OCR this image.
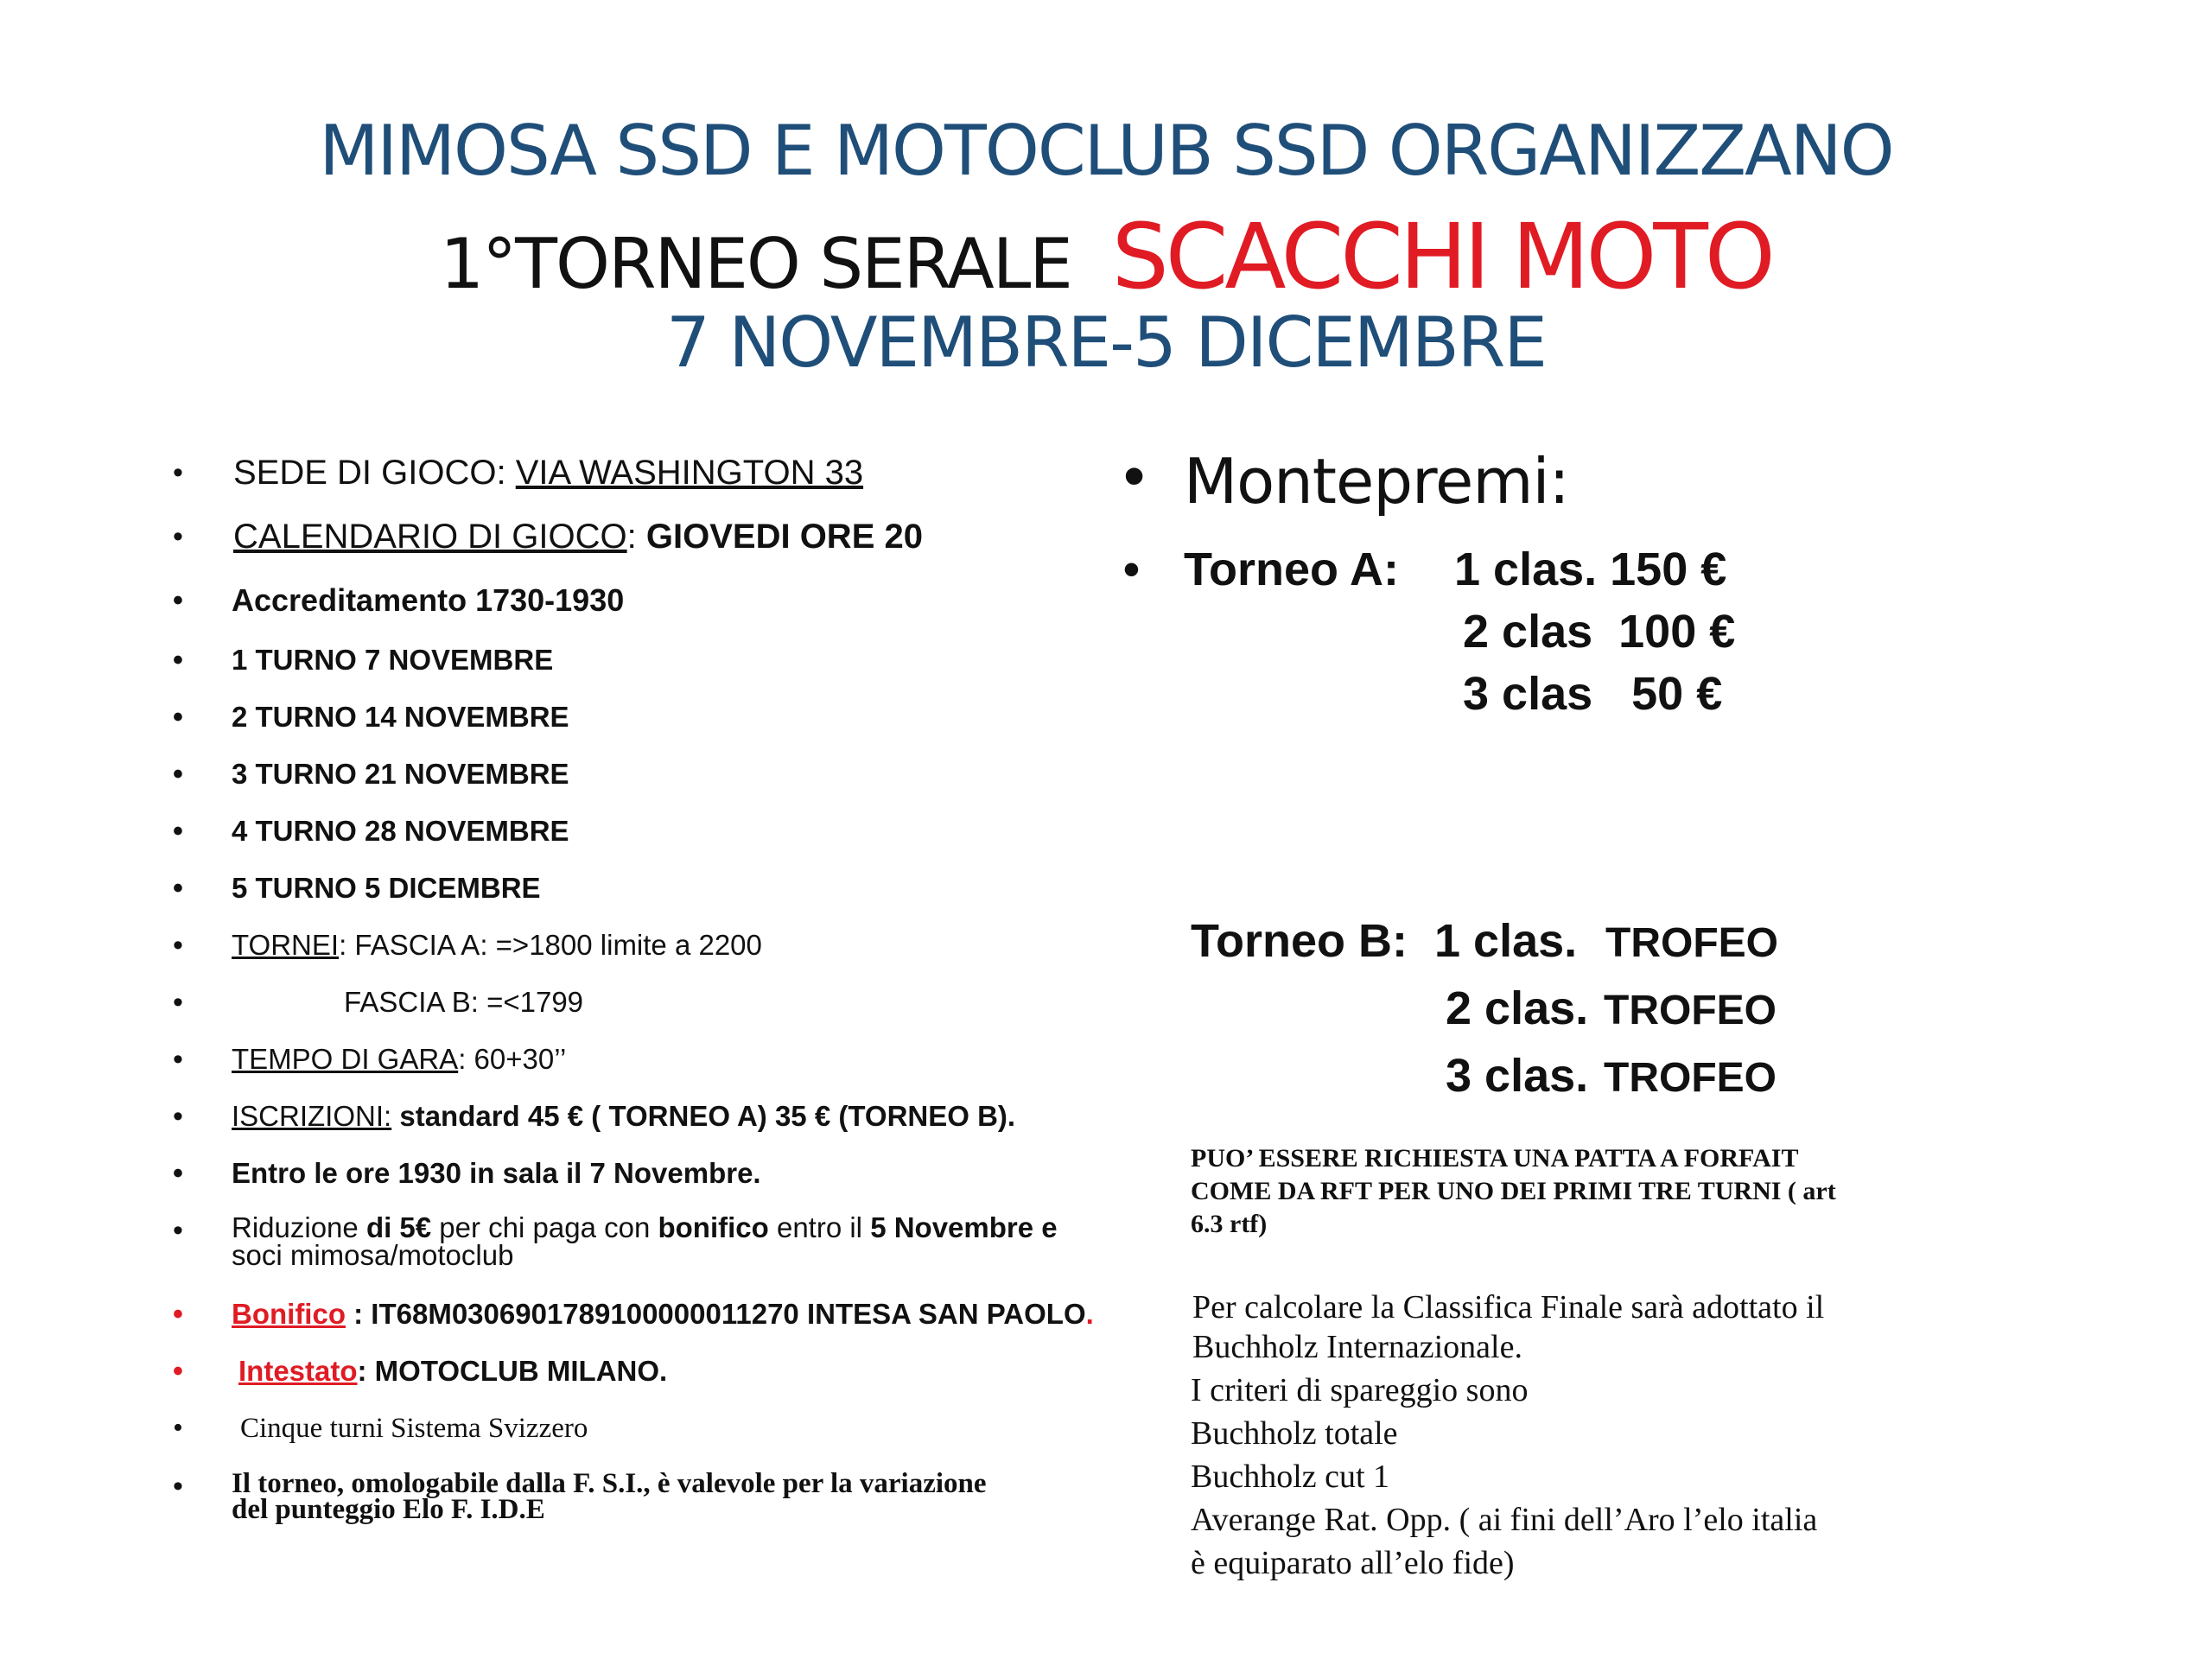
MIMOSA SSD E MOTOCLUB SSD ORGANIZZANO
1°TORNEO SERALE SCACCHI MOTO
7 NOVEMBRE-5 DICEMBRE
• SEDE DI GIOCO: VIA WASHINGTON 33
• CALENDARIO DI GIOCO: GIOVEDI ORE 20
• Accreditamento 1730-1930
• 1 TURNO 7 NOVEMBRE
• 2 TURNO 14 NOVEMBRE
• 3 TURNO 21 NOVEMBRE
• 4 TURNO 28 NOVEMBRE
• 5 TURNO 5 DICEMBRE
• TORNEI: FASCIA A: =>1800 limite a 2200
•	FASCIA B: =<1799
• TEMPO DI GARA: 60+30’’
• ISCRIZIONI: standard 45 € ( TORNEO A) 35 € (TORNEO B).
• Entro le ore 1930 in sala il 7 Novembre.
• Riduzione di 5€ per chi paga con bonifico entro il 5 Novembre e
soci mimosa/motoclub
• Bonifico : IT68M0306901789100000011270 INTESA SAN PAOLO.
• Intestato: MOTOCLUB MILANO.
• Cinque turni Sistema Svizzero
• Il torneo, omologabile dalla F. S.I., è valevole per la variazione
del punteggio Elo F. I.D.E
• Montepremi:
• Torneo A: 1 clas. 150 €
2 clas  100 €
3 clas   50 €
Torneo B: 1 clas. TROFEO
2 clas. TROFEO
3 clas. TROFEO
PUO’ ESSERE RICHIESTA UNA PATTA A FORFAIT
COME DA RFT PER UNO DEI PRIMI TRE TURNI ( art
6.3 rtf)
Per calcolare la Classifica Finale sarà adottato il
Buchholz Internazionale.
I criteri di spareggio sono
Buchholz totale
Buchholz cut 1
Averange Rat. Opp. ( ai fini dell’Aro l’elo italia
è equiparato all’elo fide)
